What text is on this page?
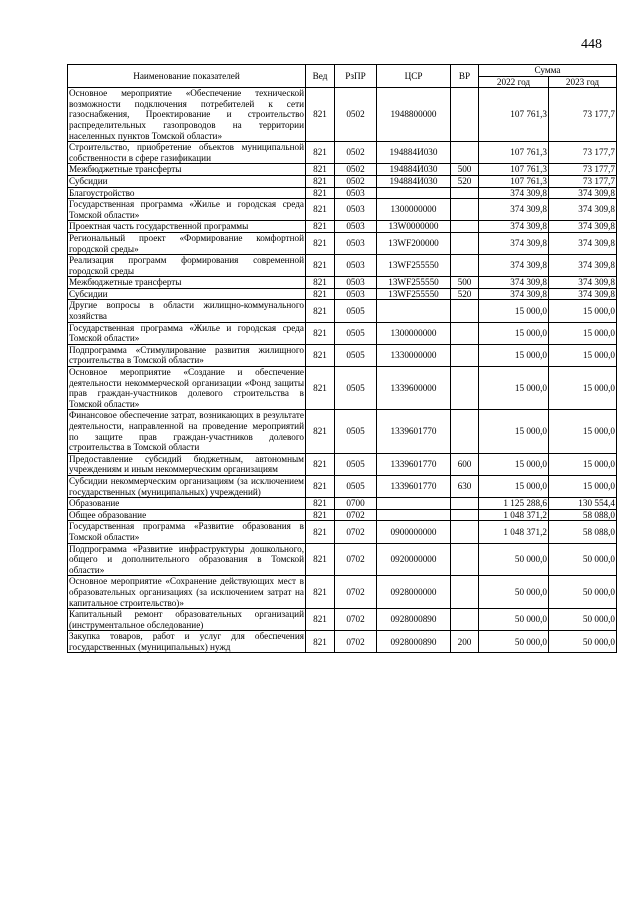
448
Наименование показателей	Вед	РзПР	ЦСР	ВР	Сумма	
					2022 год	2023 год
Основное мероприятие «Обеспечение технической возможности подключения потребителей к сети газоснабжения, Проектирование и строительство распределительных газопроводов на территории населенных пунктов Томской области»	821	0502	1948800000		107 761,3	73 177,7
Строительство, приобретение объектов муниципальной собственности в сфере газификации	821	0502	194884И030		107 761,3	73 177,7
Межбюджетные трансферты	821	0502	194884И030	500	107 761,3	73 177,7
Субсидии	821	0502	194884И030	520	107 761,3	73 177,7
Благоустройство	821	0503			374 309,8	374 309,8
Государственная программа «Жилье и городская среда Томской области»	821	0503	1300000000		374 309,8	374 309,8
Проектная часть государственной программы	821	0503	13W0000000		374 309,8	374 309,8
Региональный проект «Формирование комфортной городской среды»	821	0503	13WF200000		374 309,8	374 309,8
Реализация программ формирования современной городской среды	821	0503	13WF255550		374 309,8	374 309,8
Межбюджетные трансферты	821	0503	13WF255550	500	374 309,8	374 309,8
Субсидии	821	0503	13WF255550	520	374 309,8	374 309,8
Другие вопросы в области жилищно-коммунального хозяйства	821	0505			15 000,0	15 000,0
Государственная программа «Жилье и городская среда Томской области»	821	0505	1300000000		15 000,0	15 000,0
Подпрограмма «Стимулирование развития жилищного строительства в Томской области»	821	0505	1330000000		15 000,0	15 000,0
Основное мероприятие «Создание и обеспечение деятельности некоммерческой организации «Фонд защиты прав граждан-участников долевого строительства в Томской области»	821	0505	1339600000		15 000,0	15 000,0
Финансовое обеспечение затрат, возникающих в результате деятельности, направленной на проведение мероприятий по защите прав граждан-участников долевого строительства в Томской области	821	0505	1339601770		15 000,0	15 000,0
Предоставление субсидий бюджетным, автономным учреждениям и иным некоммерческим организациям	821	0505	1339601770	600	15 000,0	15 000,0
Субсидии некоммерческим организациям (за исключением государственных (муниципальных) учреждений)	821	0505	1339601770	630	15 000,0	15 000,0
Образование	821	0700			1 125 288,6	130 554,4
Общее образование	821	0702			1 048 371,2	58 088,0
Государственная программа «Развитие образования в Томской области»	821	0702	0900000000		1 048 371,2	58 088,0
Подпрограмма «Развитие инфраструктуры дошкольного, общего и дополнительного образования в Томской области»	821	0702	0920000000		50 000,0	50 000,0
Основное мероприятие «Сохранение действующих мест в образовательных организациях (за исключением затрат на капитальное строительство)»	821	0702	0928000000		50 000,0	50 000,0
Капитальный ремонт образовательных организаций (инструментальное обследование)	821	0702	0928000890		50 000,0	50 000,0
Закупка товаров, работ и услуг для обеспечения государственных (муниципальных) нужд	821	0702	0928000890	200	50 000,0	50 000,0
